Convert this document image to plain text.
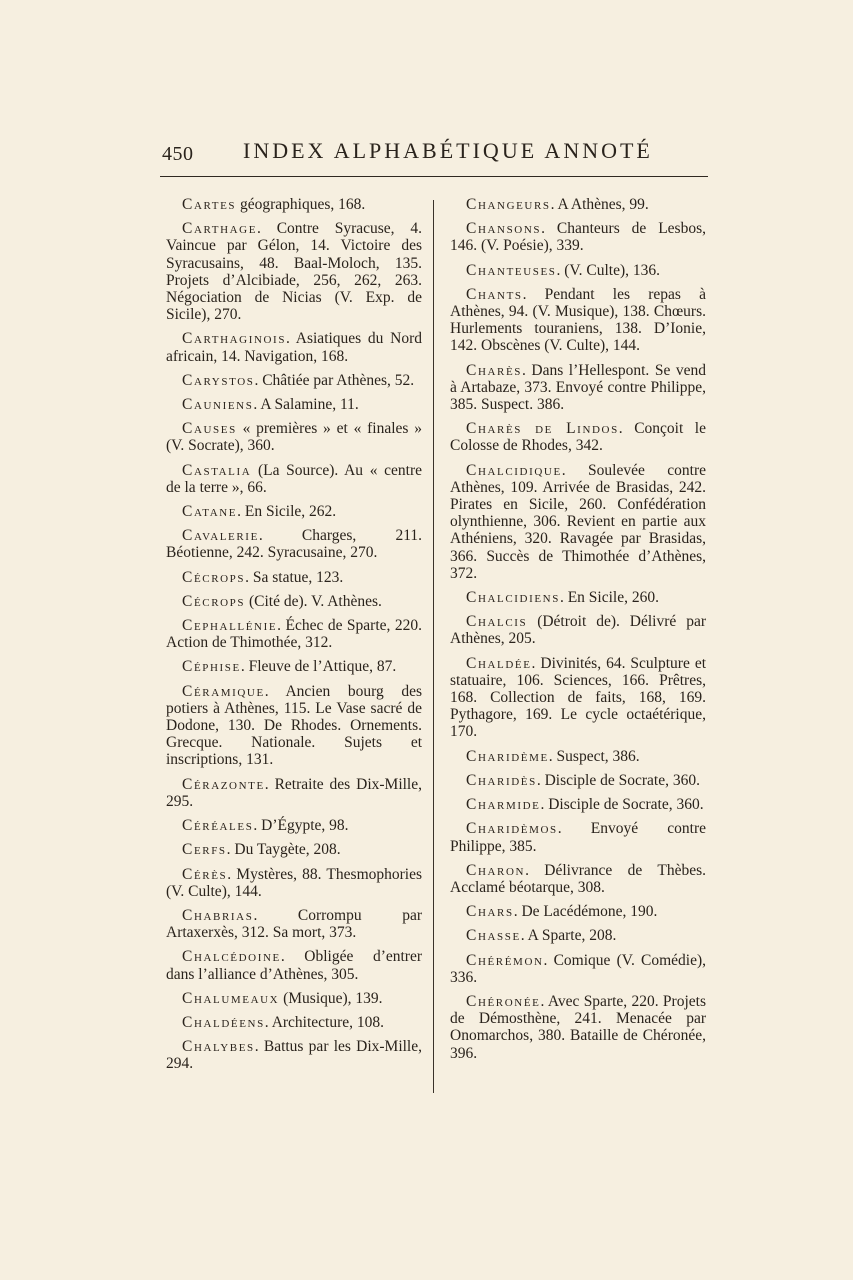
450 INDEX ALPHABÉTIQUE ANNOTÉ

Cartes géographiques, 168.

Carthage. Contre Syracuse, 4. Vaincue par Gélon, 14. Victoire des Syracusains, 48. Baal-Moloch, 135. Projets d’Alcibiade, 256, 262, 263. Négociation de Nicias (V. Exp. de Sicile), 270.

Carthaginois. Asiatiques du Nord africain, 14. Navigation, 168.

Carystos. Châtiée par Athènes, 52.

Cauniens. A Salamine, 11.

Causes « premières » et « finales » (V. Socrate), 360.

Castalia (La Source). Au « centre de la terre », 66.

Catane. En Sicile, 262.

Cavalerie. Charges, 211. Béotienne, 242. Syracusaine, 270.

Cécrops. Sa statue, 123.

Cécrops (Cité de). V. Athènes.

Cephallénie. Échec de Sparte, 220. Action de Thimothée, 312.

Céphise. Fleuve de l’Attique, 87.

Céramique. Ancien bourg des potiers à Athènes, 115. Le Vase sacré de Dodone, 130. De Rhodes. Ornements. Grecque. Nationale. Sujets et inscriptions, 131.

Cérazonte. Retraite des Dix-Mille, 295.

Céréales. D’Égypte, 98.

Cerfs. Du Taygète, 208.

Cérès. Mystères, 88. Thesmophories (V. Culte), 144.

Chabrias. Corrompu par Artaxerxès, 312. Sa mort, 373.

Chalcédoine. Obligée d’entrer dans l’alliance d’Athènes, 305.

Chalumeaux (Musique), 139.

Chaldéens. Architecture, 108.

Chalybes. Battus par les Dix-Mille, 294.

Changeurs. A Athènes, 99.

Chansons. Chanteurs de Lesbos, 146. (V. Poésie), 339.

Chanteuses. (V. Culte), 136.

Chants. Pendant les repas à Athènes, 94. (V. Musique), 138. Chœurs. Hurlements touraniens, 138. D’Ionie, 142. Obscènes (V. Culte), 144.

Charès. Dans l’Hellespont. Se vend à Artabaze, 373. Envoyé contre Philippe, 385. Suspect. 386.

Charès de Lindos. Conçoit le Colosse de Rhodes, 342.

Chalcidique. Soulevée contre Athènes, 109. Arrivée de Brasidas, 242. Pirates en Sicile, 260. Confédération olynthienne, 306. Revient en partie aux Athéniens, 320. Ravagée par Brasidas, 366. Succès de Thimothée d’Athènes, 372.

Chalcidiens. En Sicile, 260.

Chalcis (Détroit de). Délivré par Athènes, 205.

Chaldée. Divinités, 64. Sculpture et statuaire, 106. Sciences, 166. Prêtres, 168. Collection de faits, 168, 169. Pythagore, 169. Le cycle octaétérique, 170.

Charidème. Suspect, 386.

Charidès. Disciple de Socrate, 360.

Charmide. Disciple de Socrate, 360.

Charidèmos. Envoyé contre Philippe, 385.

Charon. Délivrance de Thèbes. Acclamé béotarque, 308.

Chars. De Lacédémone, 190.

Chasse. A Sparte, 208.

Chérémon. Comique (V. Comédie), 336.

Chéronée. Avec Sparte, 220. Projets de Démosthène, 241. Menacée par Onomarchos, 380. Bataille de Chéronée, 396.
